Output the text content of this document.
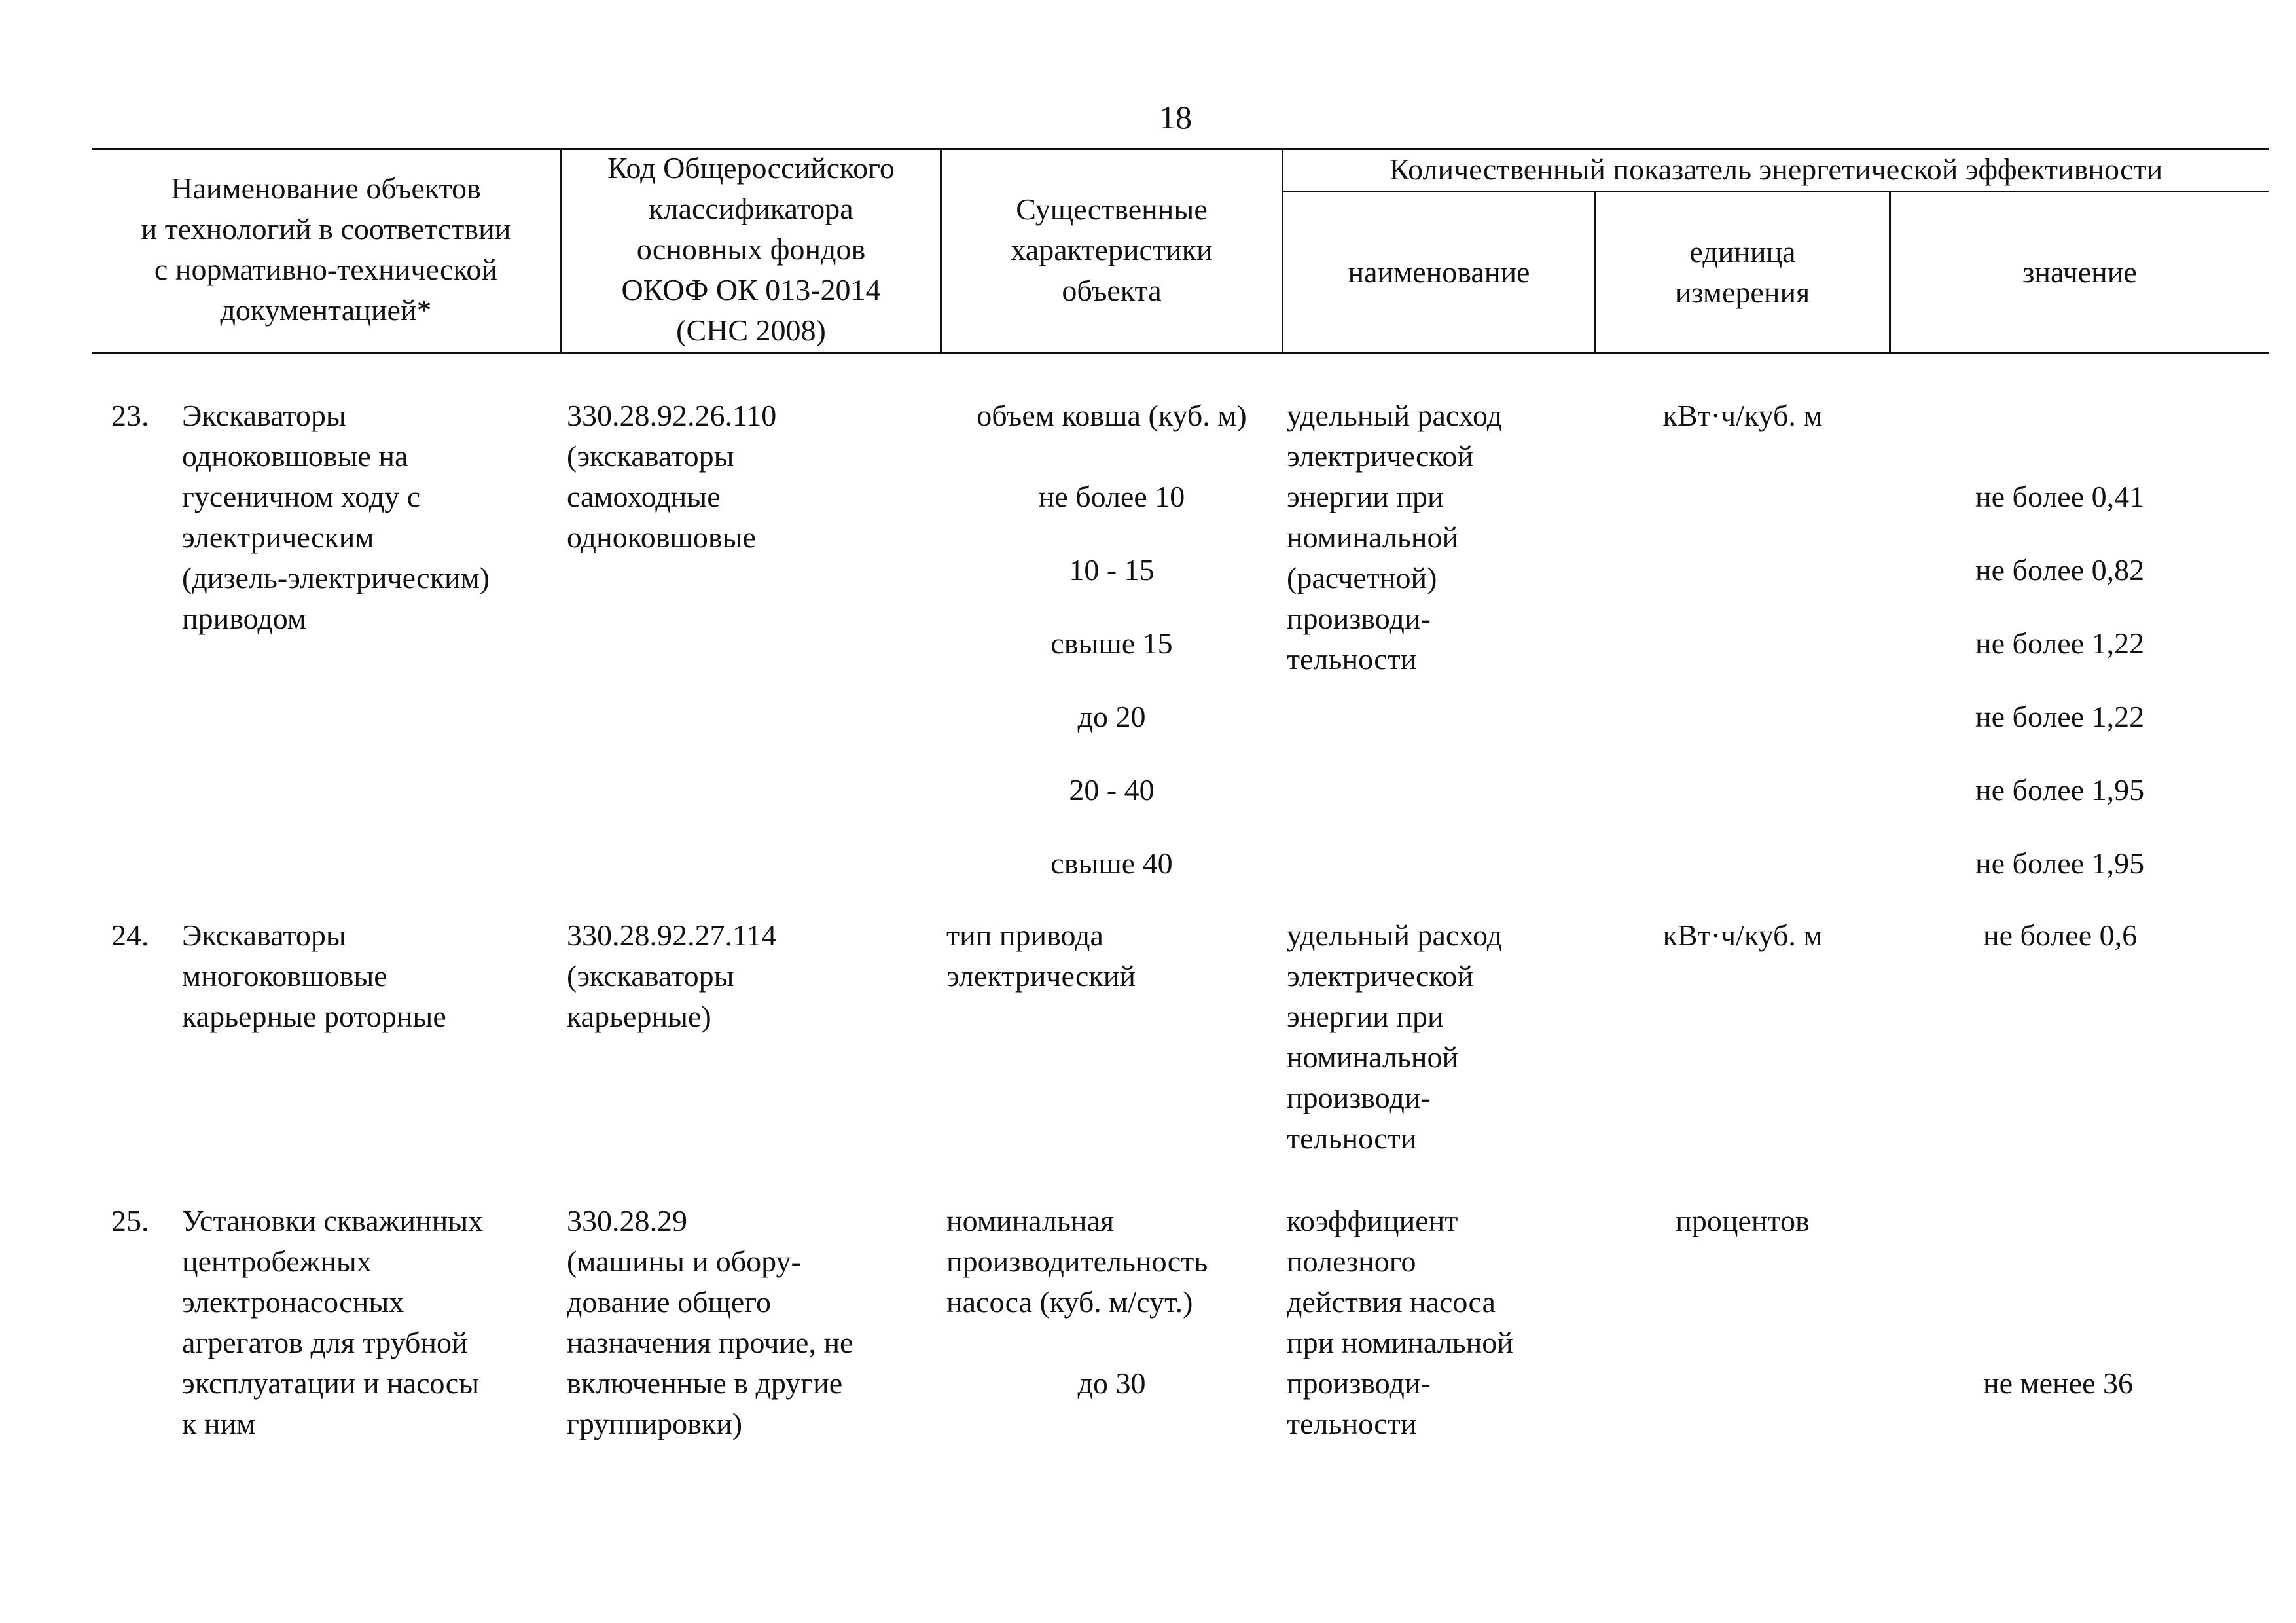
18
Наименование объектов
и технологий в соответствии
с нормативно-технической
документацией*
Код Общероссийского
классификатора
основных фондов
ОКОФ ОК 013-2014
(СНС 2008)
Существенные
характеристики
объекта
Количественный показатель энергетической эффективности
наименование
единица
измерения
значение
23. Экскаваторы
одноковшовые на
гусеничном ходу с
электрическим
(дизель-электрическим)
приводом
330.28.92.26.110
(экскаваторы
самоходные
одноковшовые
объем ковша (куб. м)
не более 10
10 - 15
свыше 15
до 20
20 - 40
свыше 40
удельный расход
электрической
энергии при
номинальной
(расчетной)
производи-
тельности
кВт·ч/куб. м
не более 0,41
не более 0,82
не более 1,22
не более 1,22
не более 1,95
не более 1,95
24. Экскаваторы
многоковшовые
карьерные роторные
330.28.92.27.114
(экскаваторы
карьерные)
тип привода
электрический
удельный расход
электрической
энергии при
номинальной
производи-
тельности
кВт·ч/куб. м	не более 0,6
25. Установки скважинных
центробежных
электронасосных
агрегатов для трубной
эксплуатации и насосы
к ним
330.28.29
(машины и обору-
дование общего
назначения прочие, не
включенные в другие
группировки)
номинальная
производительность
насоса (куб. м/сут.)
до 30
коэффициент
полезного
действия насоса
при номинальной
производи-
тельности
процентов
не менее 36
